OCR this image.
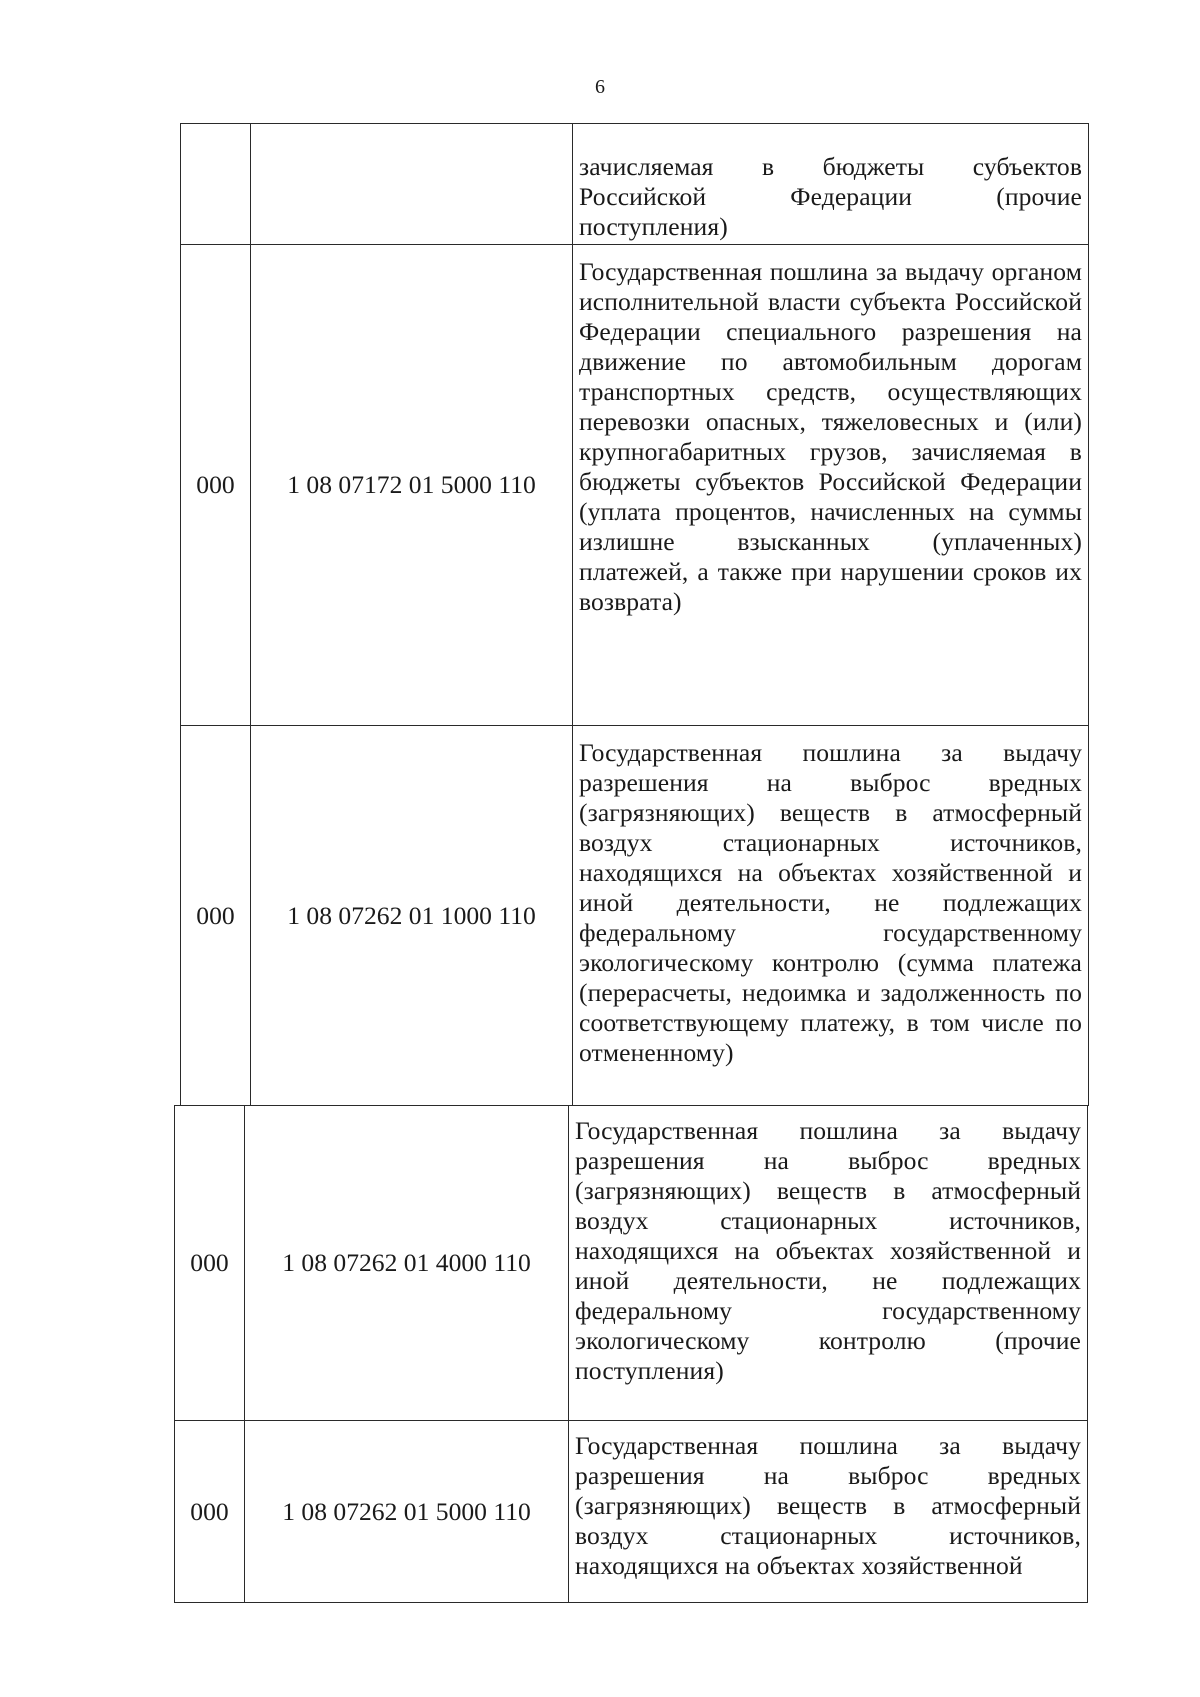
6

		зачисляемая в бюджеты субъектов Российской Федерации (прочие поступления)

000	1 08 07172 01 5000 110	Государственная пошлина за выдачу органом исполнительной власти субъекта Российской Федерации специального разрешения на движение по автомобильным дорогам транспортных средств, осуществляющих перевозки опасных, тяжеловесных и (или) крупногабаритных грузов, зачисляемая в бюджеты субъектов Российской Федерации (уплата процентов, начисленных на суммы излишне взысканных (уплаченных) платежей, а также при нарушении сроков их возврата)

000	1 08 07262 01 1000 110	Государственная пошлина за выдачу разрешения на выброс вредных (загрязняющих) веществ в атмосферный воздух стационарных источников, находящихся на объектах хозяйственной и иной деятельности, не подлежащих федеральному государственному экологическому контролю (сумма платежа (перерасчеты, недоимка и задолженность по соответствующему платежу, в том числе по отмененному)
000	1 08 07262 01 4000 110	Государственная пошлина за выдачу разрешения на выброс вредных (загрязняющих) веществ в атмосферный воздух стационарных источников, находящихся на объектах хозяйственной и иной деятельности, не подлежащих федеральному государственному экологическому контролю (прочие поступления)

000	1 08 07262 01 5000 110	Государственная пошлина за выдачу разрешения на выброс вредных (загрязняющих) веществ в атмосферный воздух стационарных источников, находящихся на объектах хозяйственной
